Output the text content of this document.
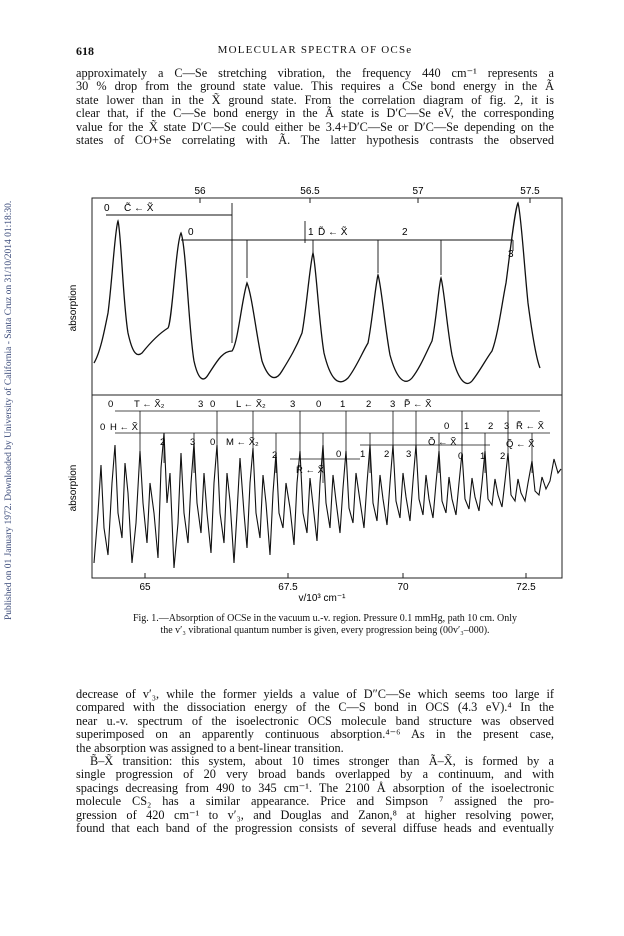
Published on 01 January 1972. Downloaded by University of California - Santa Cruz on 31/10/2014 01:18:30.
618	MOLECULAR SPECTRA OF OCSe
approximately a C—Se stretching vibration, the frequency 440 cm⁻¹ represents a
30 % drop from the ground state value. This requires a CSe bond energy in the Ã
state lower than in the X̃ ground state. From the correlation diagram of fig. 2, it is
clear that, if the C—Se bond energy in the Ã state is D′C—Se eV, the corresponding
value for the X̃ state D′C—Se could either be 3.4+D′C—Se or D′C—Se depending on the
states of CO+Se correlating with Ã. The latter hypothesis contrasts the observed
56	56.5	57	57.5
65	67.5	70	72.5
v/10³ cm⁻¹
absorption
absorption
0 C̃ ← X̃
0	1 D̃ ← X̃	2
3
0 T ← X̃₂	3 0 L ← X̃₂	3 0 1 2 3 P̃ ← X̃
0 1 2 3 R̃ ← X̃
0 H ← X̃
2	3 0 M ← X̃₂
2
R̃ ← X̃
0 1 2 3
Õ ← X̃
0 1 2
Q̃ ← X̃
Fig. 1.—Absorption of OCSe in the vacuum u.-v. region. Pressure 0.1 mmHg, path 10 cm. Only
the v′₃ vibrational quantum number is given, every progression being (00v′₃–000).
decrease of v′₃, while the former yields a value of D″C—Se which seems too large if
compared with the dissociation energy of the C—S bond in OCS (4.3 eV).⁴ In the
near u.-v. spectrum of the isoelectronic OCS molecule band structure was observed
superimposed on an apparently continuous absorption.⁴⁻⁶ As in the present case,
the absorption was assigned to a bent-linear transition.
B̃–X̃ transition: this system, about 10 times stronger than Ã–X̃, is formed by a
single progression of 20 very broad bands overlapped by a continuum, and with
spacings decreasing from 490 to 345 cm⁻¹. The 2100 Å absorption of the isoelectronic
molecule CS₂ has a similar appearance. Price and Simpson ⁷ assigned the pro-
gression of 420 cm⁻¹ to v′₃, and Douglas and Zanon,⁸ at higher resolving power,
found that each band of the progression consists of several diffuse heads and eventually
